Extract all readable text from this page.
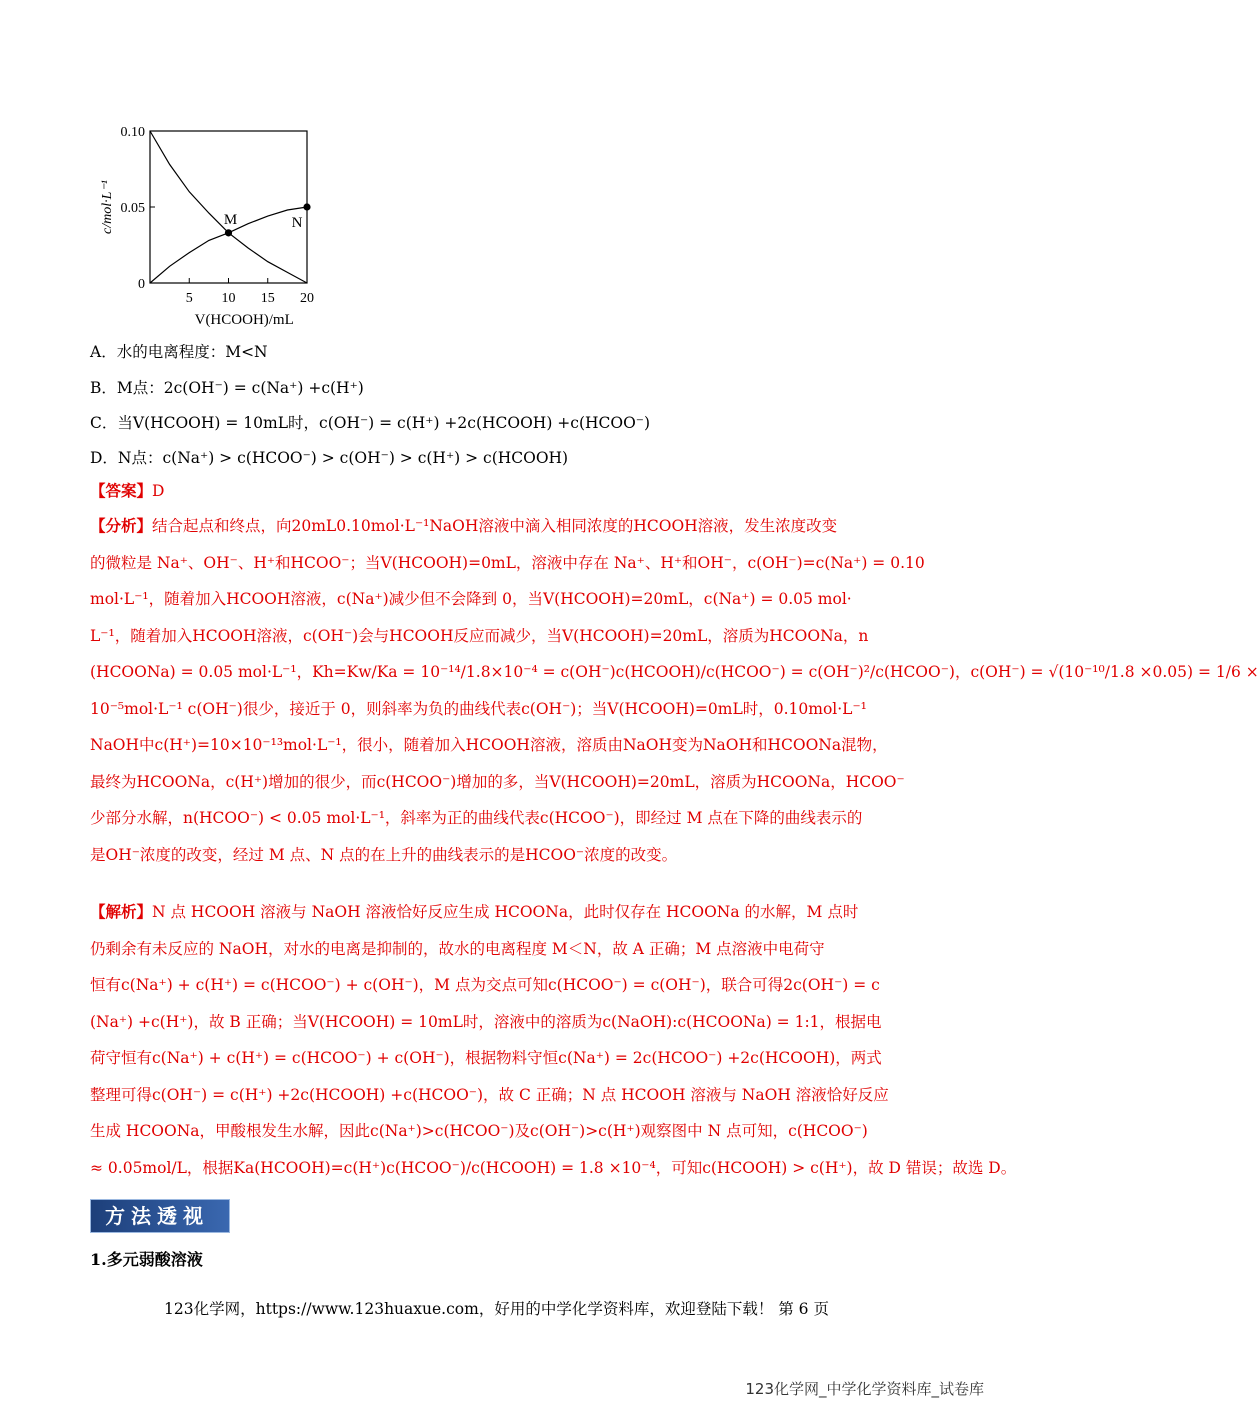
0
0.05
0.10
5 10 15 20
V(HCOOH)/mL
c/mol·L⁻¹	M	N
A．水的电离程度：M<N
B．M点：2c(OH⁻) = c(Na⁺) +c(H⁺)
C．当V(HCOOH) = 10mL时，c(OH⁻) = c(H⁺) +2c(HCOOH) +c(HCOO⁻)
D．N点：c(Na⁺) > c(HCOO⁻) > c(OH⁻) > c(H⁺) > c(HCOOH)
【答案】D
【分析】结合起点和终点，向20mL0.10mol·L⁻¹NaOH溶液中滴入相同浓度的HCOOH溶液，发生浓度改变
的微粒是 Na⁺、OH⁻、H⁺和HCOO⁻；当V(HCOOH)=0mL，溶液中存在 Na⁺、H⁺和OH⁻，c(OH⁻)=c(Na⁺) = 0.10
mol·L⁻¹，随着加入HCOOH溶液，c(Na⁺)减少但不会降到 0，当V(HCOOH)=20mL，c(Na⁺) = 0.05 mol·
L⁻¹，随着加入HCOOH溶液，c(OH⁻)会与HCOOH反应而减少，当V(HCOOH)=20mL，溶质为HCOONa，n
(HCOONa) = 0.05 mol·L⁻¹，Kh=Kw/Ka = 10⁻¹⁴/1.8×10⁻⁴ = c(OH⁻)c(HCOOH)/c(HCOO⁻) = c(OH⁻)²/c(HCOO⁻)，c(OH⁻) = √(10⁻¹⁰/1.8 ×0.05) = 1/6 ×
10⁻⁵mol·L⁻¹ c(OH⁻)很少，接近于 0，则斜率为负的曲线代表c(OH⁻)；当V(HCOOH)=0mL时，0.10mol·L⁻¹
NaOH中c(H⁺)=10×10⁻¹³mol·L⁻¹，很小，随着加入HCOOH溶液，溶质由NaOH变为NaOH和HCOONa混物，
最终为HCOONa，c(H⁺)增加的很少，而c(HCOO⁻)增加的多，当V(HCOOH)=20mL，溶质为HCOONa，HCOO⁻
少部分水解，n(HCOO⁻) < 0.05 mol·L⁻¹，斜率为正的曲线代表c(HCOO⁻)，即经过 M 点在下降的曲线表示的
是OH⁻浓度的改变，经过 M 点、N 点的在上升的曲线表示的是HCOO⁻浓度的改变。
【解析】N 点 HCOOH 溶液与 NaOH 溶液恰好反应生成 HCOONa，此时仅存在 HCOONa 的水解，M 点时
仍剩余有未反应的 NaOH，对水的电离是抑制的，故水的电离程度 M＜N，故 A 正确；M 点溶液中电荷守
恒有c(Na⁺) + c(H⁺) = c(HCOO⁻) + c(OH⁻)，M 点为交点可知c(HCOO⁻) = c(OH⁻)，联合可得2c(OH⁻) = c
(Na⁺) +c(H⁺)，故 B 正确；当V(HCOOH) = 10mL时，溶液中的溶质为c(NaOH):c(HCOONa) = 1:1，根据电
荷守恒有c(Na⁺) + c(H⁺) = c(HCOO⁻) + c(OH⁻)，根据物料守恒c(Na⁺) = 2c(HCOO⁻) +2c(HCOOH)，两式
整理可得c(OH⁻) = c(H⁺) +2c(HCOOH) +c(HCOO⁻)，故 C 正确；N 点 HCOOH 溶液与 NaOH 溶液恰好反应
生成 HCOONa，甲酸根发生水解，因此c(Na⁺)>c(HCOO⁻)及c(OH⁻)>c(H⁺)观察图中 N 点可知，c(HCOO⁻)
≈ 0.05mol/L，根据Ka(HCOOH)=c(H⁺)c(HCOO⁻)/c(HCOOH) = 1.8 ×10⁻⁴，可知c(HCOOH) > c(H⁺)，故 D 错误；故选 D。
方法透视
1.多元弱酸溶液
123化学网，https://www.123huaxue.com，好用的中学化学资料库，欢迎登陆下载！ 第 6 页
123化学网_中学化学资料库_试卷库
